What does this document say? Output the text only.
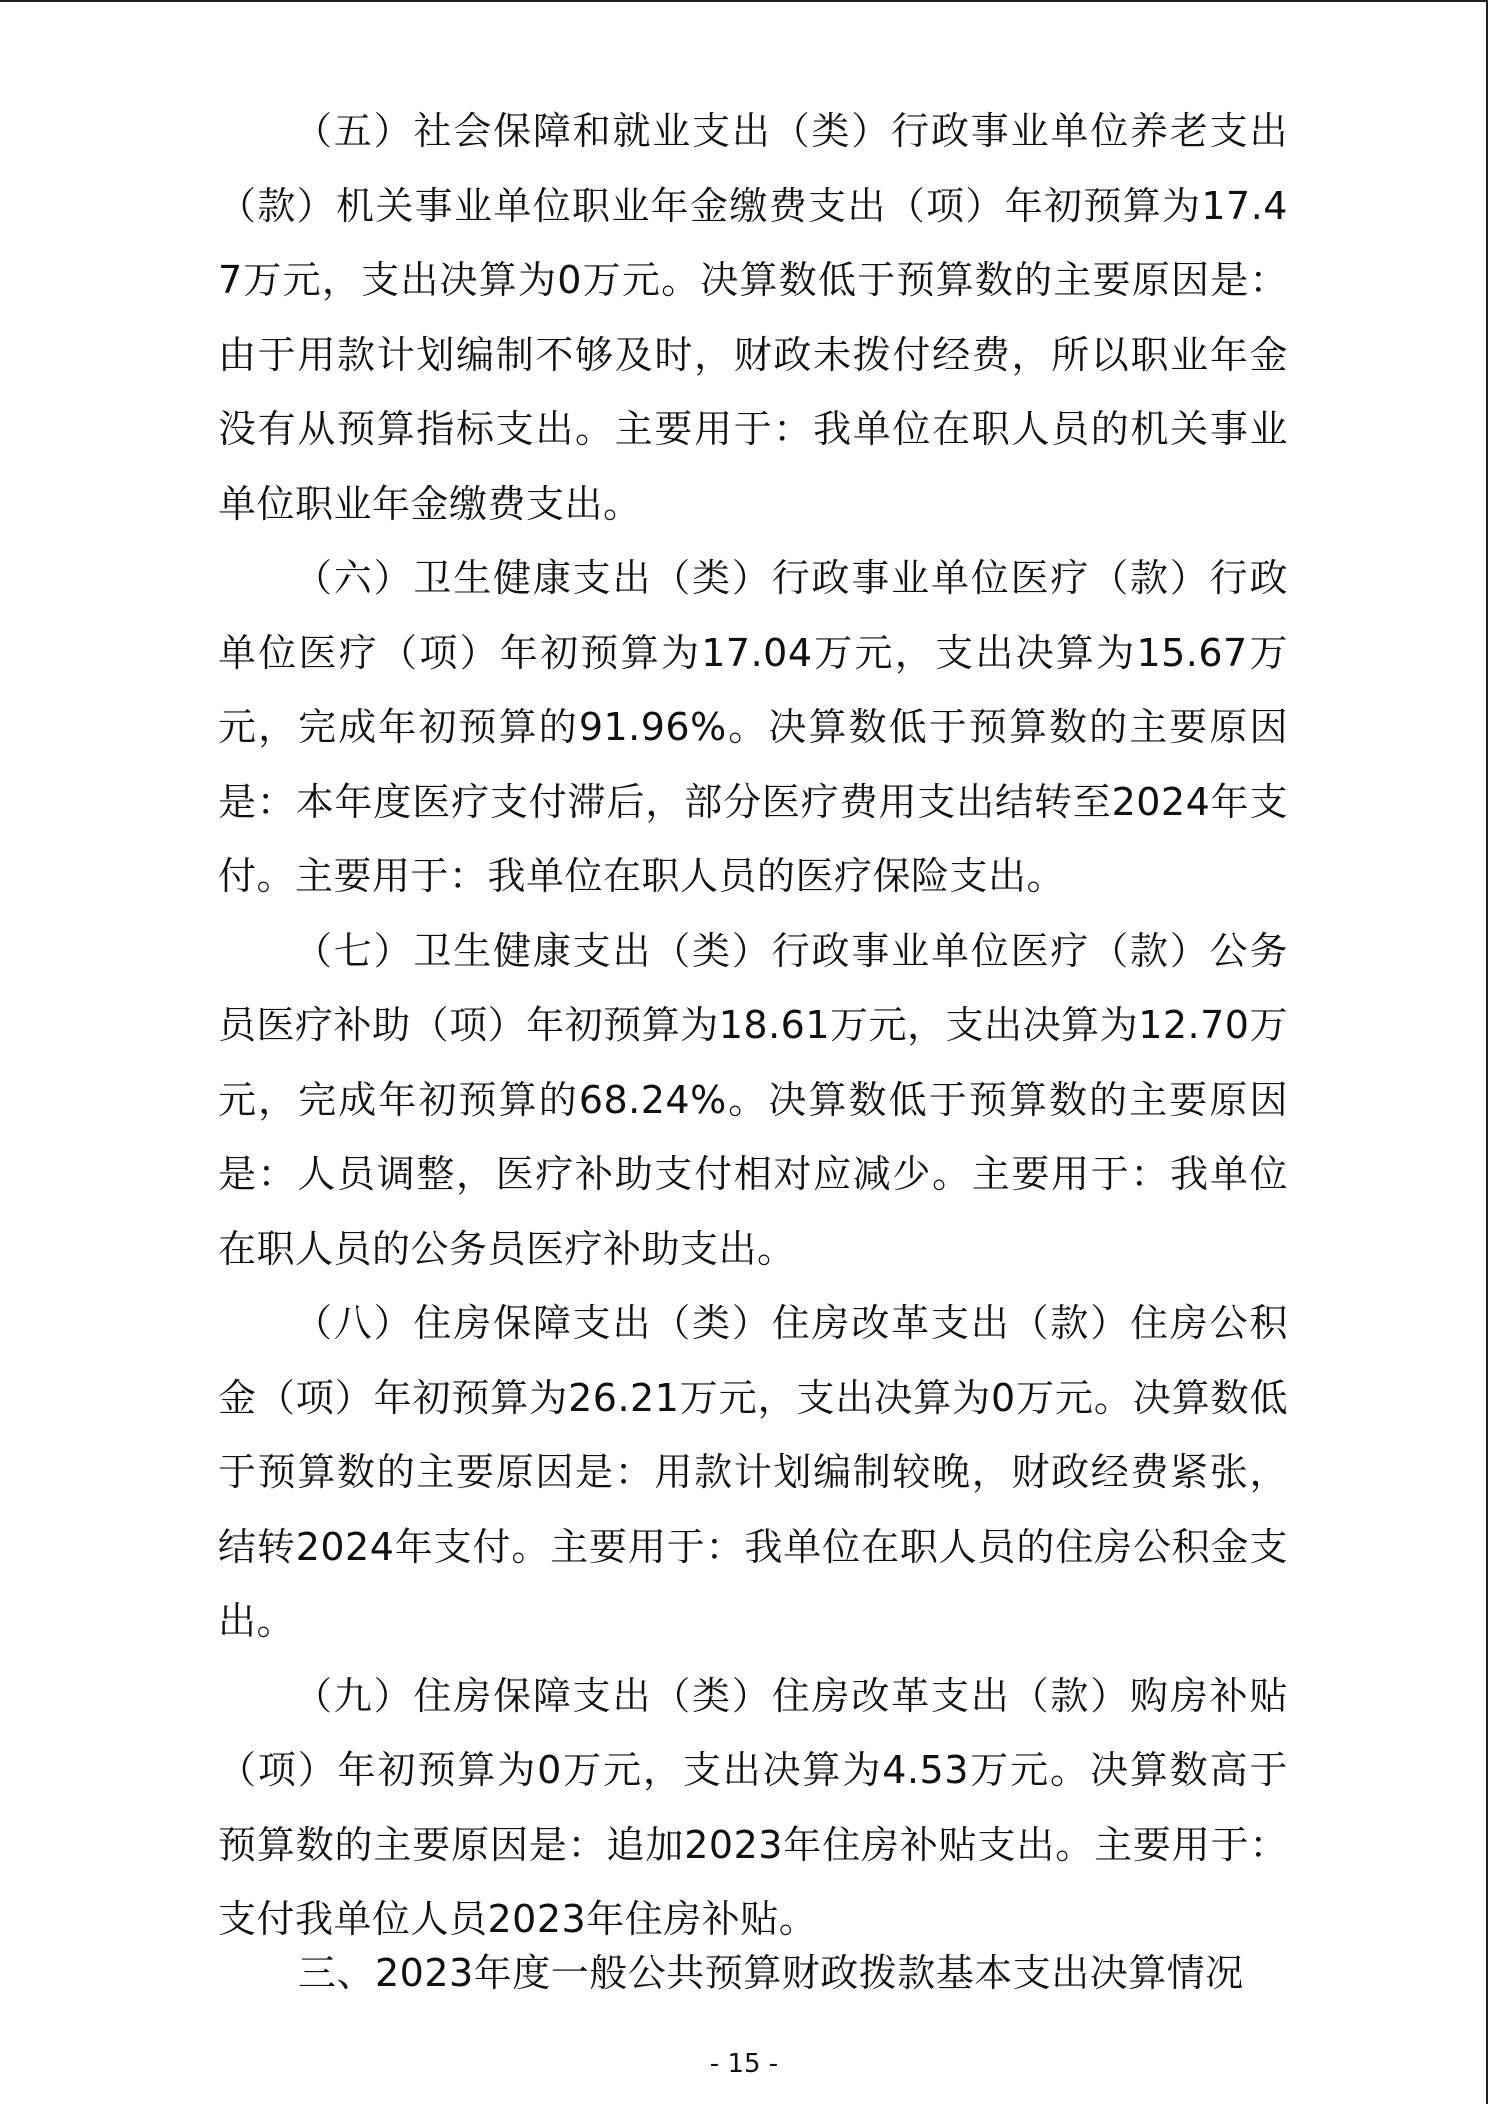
（五）社会保障和就业支出（类）行政事业单位养老支出（款）机关事业单位职业年金缴费支出（项）年初预算为17.47万元，支出决算为0万元。决算数低于预算数的主要原因是：由于用款计划编制不够及时，财政未拨付经费，所以职业年金没有从预算指标支出。主要用于：我单位在职人员的机关事业单位职业年金缴费支出。

（六）卫生健康支出（类）行政事业单位医疗（款）行政单位医疗（项）年初预算为17.04万元，支出决算为15.67万元，完成年初预算的91.96%。决算数低于预算数的主要原因是：本年度医疗支付滞后，部分医疗费用支出结转至2024年支付。主要用于：我单位在职人员的医疗保险支出。

（七）卫生健康支出（类）行政事业单位医疗（款）公务员医疗补助（项）年初预算为18.61万元，支出决算为12.70万元，完成年初预算的68.24%。决算数低于预算数的主要原因是：人员调整，医疗补助支付相对应减少。主要用于：我单位在职人员的公务员医疗补助支出。

（八）住房保障支出（类）住房改革支出（款）住房公积金（项）年初预算为26.21万元，支出决算为0万元。决算数低于预算数的主要原因是：用款计划编制较晚，财政经费紧张，结转2024年支付。主要用于：我单位在职人员的住房公积金支出。

（九）住房保障支出（类）住房改革支出（款）购房补贴（项）年初预算为0万元，支出决算为4.53万元。决算数高于预算数的主要原因是：追加2023年住房补贴支出。主要用于：支付我单位人员2023年住房补贴。

三、2023年度一般公共预算财政拨款基本支出决算情况

- 15 -
